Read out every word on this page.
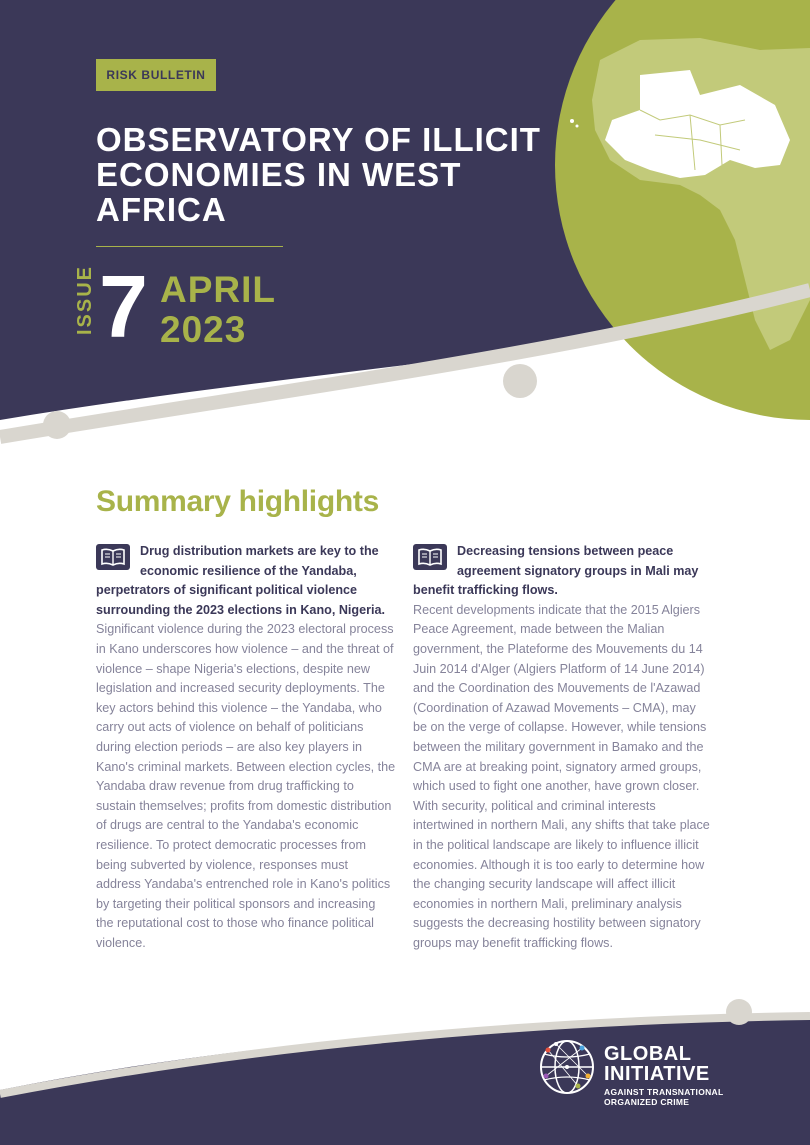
RISK BULLETIN
OBSERVATORY OF ILLICIT ECONOMIES IN WEST AFRICA
ISSUE 7 APRIL
2023
Summary highlights
Drug distribution markets are key to the economic resilience of the Yandaba, perpetrators of significant political violence surrounding the 2023 elections in Kano, Nigeria.
Significant violence during the 2023 electoral process in Kano underscores how violence – and the threat of violence – shape Nigeria's elections, despite new legislation and increased security deployments. The key actors behind this violence – the Yandaba, who carry out acts of violence on behalf of politicians during election periods – are also key players in Kano's criminal markets. Between election cycles, the Yandaba draw revenue from drug trafficking to sustain themselves; profits from domestic distribution of drugs are central to the Yandaba's economic resilience. To protect democratic processes from being subverted by violence, responses must address Yandaba's entrenched role in Kano's politics by targeting their political sponsors and increasing the reputational cost to those who finance political violence.
Decreasing tensions between peace agreement signatory groups in Mali may benefit trafficking flows.
Recent developments indicate that the 2015 Algiers Peace Agreement, made between the Malian government, the Plateforme des Mouvements du 14 Juin 2014 d'Alger (Algiers Platform of 14 June 2014) and the Coordination des Mouvements de l'Azawad (Coordination of Azawad Movements – CMA), may be on the verge of collapse. However, while tensions between the military government in Bamako and the CMA are at breaking point, signatory armed groups, which used to fight one another, have grown closer. With security, political and criminal interests intertwined in northern Mali, any shifts that take place in the political landscape are likely to influence illicit economies. Although it is too early to determine how the changing security landscape will affect illicit economies in northern Mali, preliminary analysis suggests the decreasing hostility between signatory groups may benefit trafficking flows.
GLOBAL
INITIATIVE
AGAINST TRANSNATIONAL
ORGANIZED CRIME
